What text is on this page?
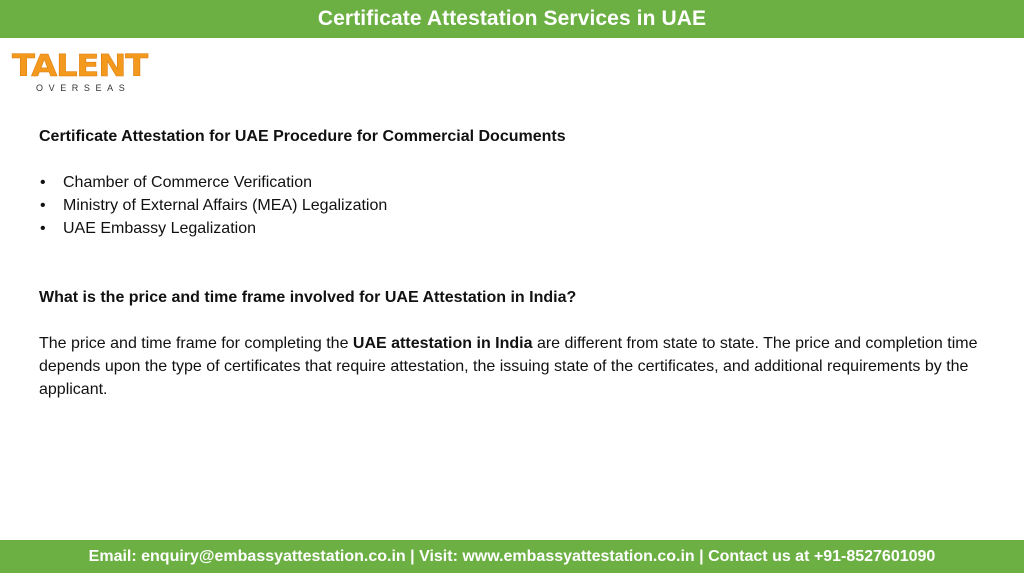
Certificate Attestation Services in UAE
TALENT
OVERSEAS

Certificate Attestation for UAE Procedure for Commercial Documents

• Chamber of Commerce Verification
• Ministry of External Affairs (MEA) Legalization
• UAE Embassy Legalization

What is the price and time frame involved for UAE Attestation in India?

The price and time frame for completing the UAE attestation in India are different from state to state. The price and completion time depends upon the type of certificates that require attestation, the issuing state of the certificates, and additional requirements by the applicant.

Email: enquiry@embassyattestation.co.in | Visit: www.embassyattestation.co.in | Contact us at +91-8527601090
